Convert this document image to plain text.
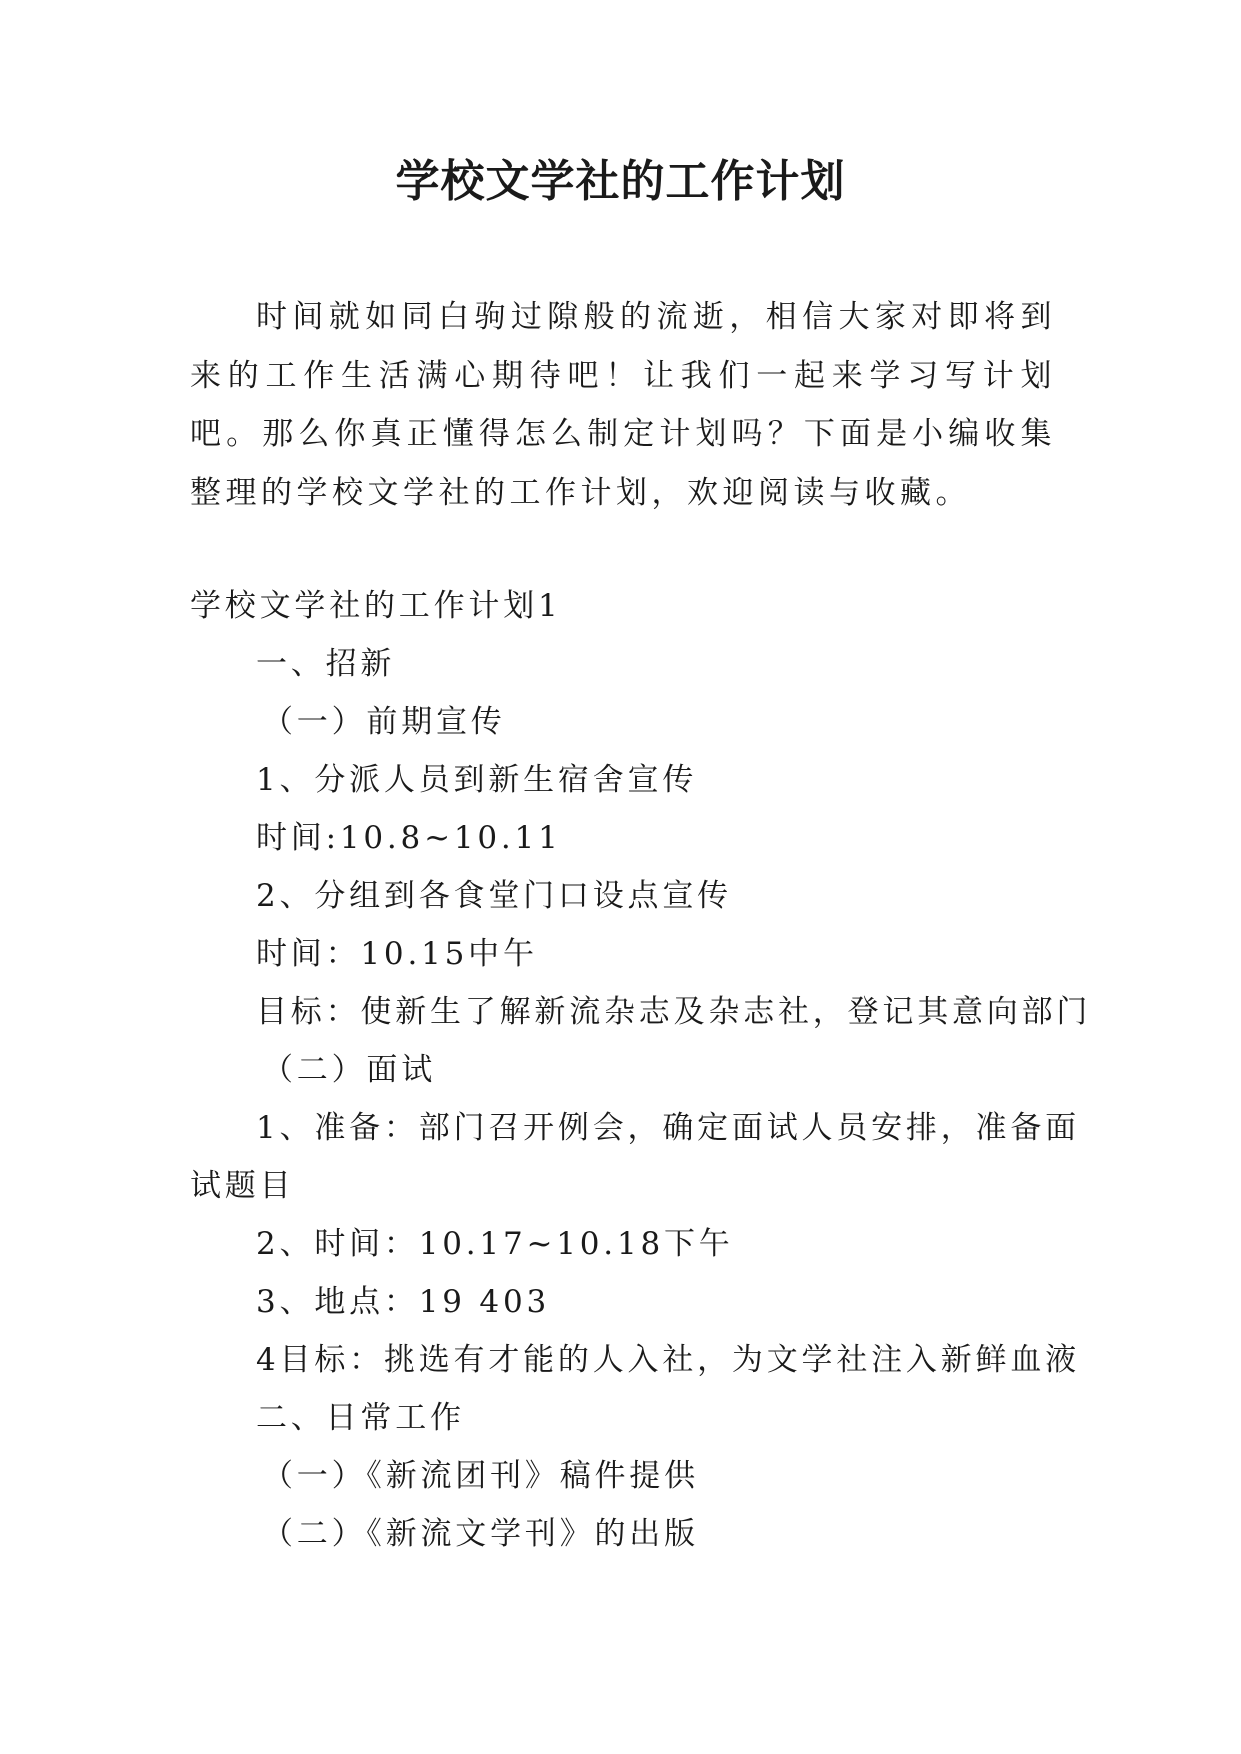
学校文学社的工作计划

时间就如同白驹过隙般的流逝，相信大家对即将到来的工作生活满心期待吧！让我们一起来学习写计划吧。那么你真正懂得怎么制定计划吗？下面是小编收集整理的学校文学社的工作计划，欢迎阅读与收藏。

学校文学社的工作计划1
一、招新
（一）前期宣传
1、分派人员到新生宿舍宣传
时间:10.8~10.11
2、分组到各食堂门口设点宣传
时间：10.15中午
目标：使新生了解新流杂志及杂志社，登记其意向部门
（二）面试
1、准备：部门召开例会，确定面试人员安排，准备面
试题目
2、时间：10.17~10.18下午
3、地点：19 403
4目标：挑选有才能的人入社，为文学社注入新鲜血液
二、日常工作
（一）《新流团刊》稿件提供
（二）《新流文学刊》的出版
